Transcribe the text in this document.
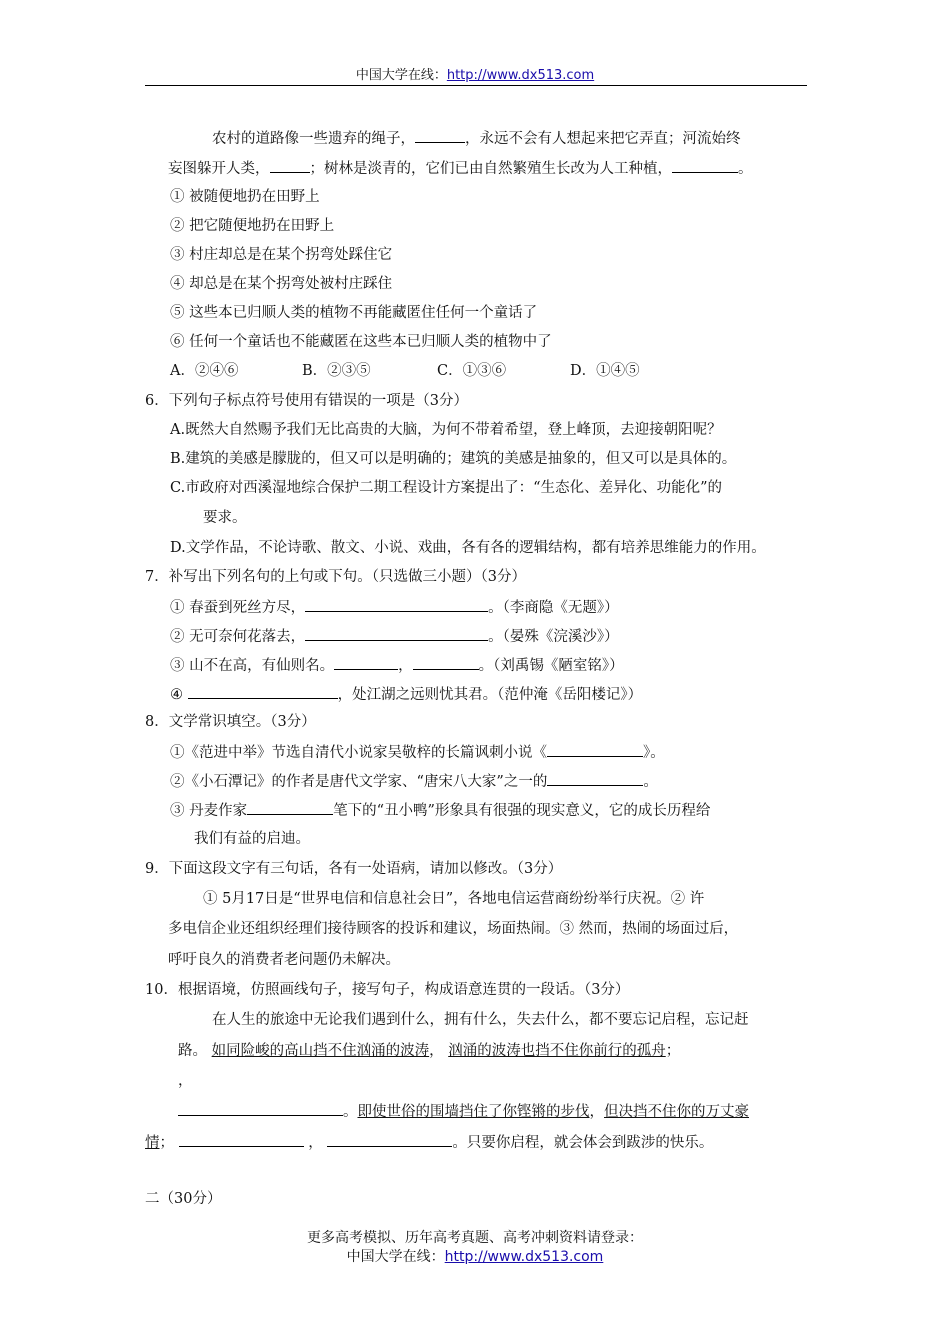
中国大学在线：http://www.dx513.com
农村的道路像一些遗弃的绳子，	，永远不会有人想起来把它弄直；河流始终
妄图躲开人类，	；树林是淡青的，它们已由自然繁殖生长改为人工种植，	。
① 被随便地扔在田野上
② 把它随便地扔在田野上
③ 村庄却总是在某个拐弯处踩住它
④ 却总是在某个拐弯处被村庄踩住
⑤ 这些本已归顺人类的植物不再能藏匿住任何一个童话了
⑥ 任何一个童话也不能藏匿在这些本已归顺人类的植物中了
A．②④⑥	B．②③⑤	C．①③⑥	D．①④⑤
6．下列句子标点符号使用有错误的一项是（3分）
A.既然大自然赐予我们无比高贵的大脑，为何不带着希望，登上峰顶，去迎接朝阳呢？
B.建筑的美感是朦胧的，但又可以是明确的；建筑的美感是抽象的，但又可以是具体的。
C.市政府对西溪湿地综合保护二期工程设计方案提出了：“生态化、差异化、功能化”的
要求。
D.文学作品，不论诗歌、散文、小说、戏曲，各有各的逻辑结构，都有培养思维能力的作用。
7．补写出下列名句的上句或下句。（只选做三小题）（3分）
① 春蚕到死丝方尽，	。（李商隐《无题》）
② 无可奈何花落去，	。（晏殊《浣溪沙》）
③ 山不在高，有仙则名。	，	。（刘禹锡《陋室铭》）
④	，处江湖之远则忧其君。（范仲淹《岳阳楼记》）
8．文学常识填空。（3分）
①《范进中举》节选自清代小说家吴敬梓的长篇讽刺小说《	》。
②《小石潭记》的作者是唐代文学家、“唐宋八大家”之一的	。
③ 丹麦作家	笔下的“丑小鸭”形象具有很强的现实意义，它的成长历程给
我们有益的启迪。
9．下面这段文字有三句话，各有一处语病，请加以修改。（3分）
① 5月17日是“世界电信和信息社会日”，各地电信运营商纷纷举行庆祝。② 许
多电信企业还组织经理们接待顾客的投诉和建议，场面热闹。③ 然而，热闹的场面过后，
呼吁良久的消费者老问题仍未解决。
10．根据语境，仿照画线句子，接写句子，构成语意连贯的一段话。（3分）
在人生的旅途中无论我们遇到什么，拥有什么，失去什么，都不要忘记启程，忘记赶
路。 如同险峻的高山挡不住汹涌的波涛， 汹涌的波涛也挡不住你前行的孤舟；
，
。即使世俗的围墙挡住了你铿锵的步伐，但决挡不住你的万丈豪
情；	，	。只要你启程，就会体会到跋涉的快乐。
二（30分）
更多高考模拟、历年高考真题、高考冲刺资料请登录：
中国大学在线：http://www.dx513.com
